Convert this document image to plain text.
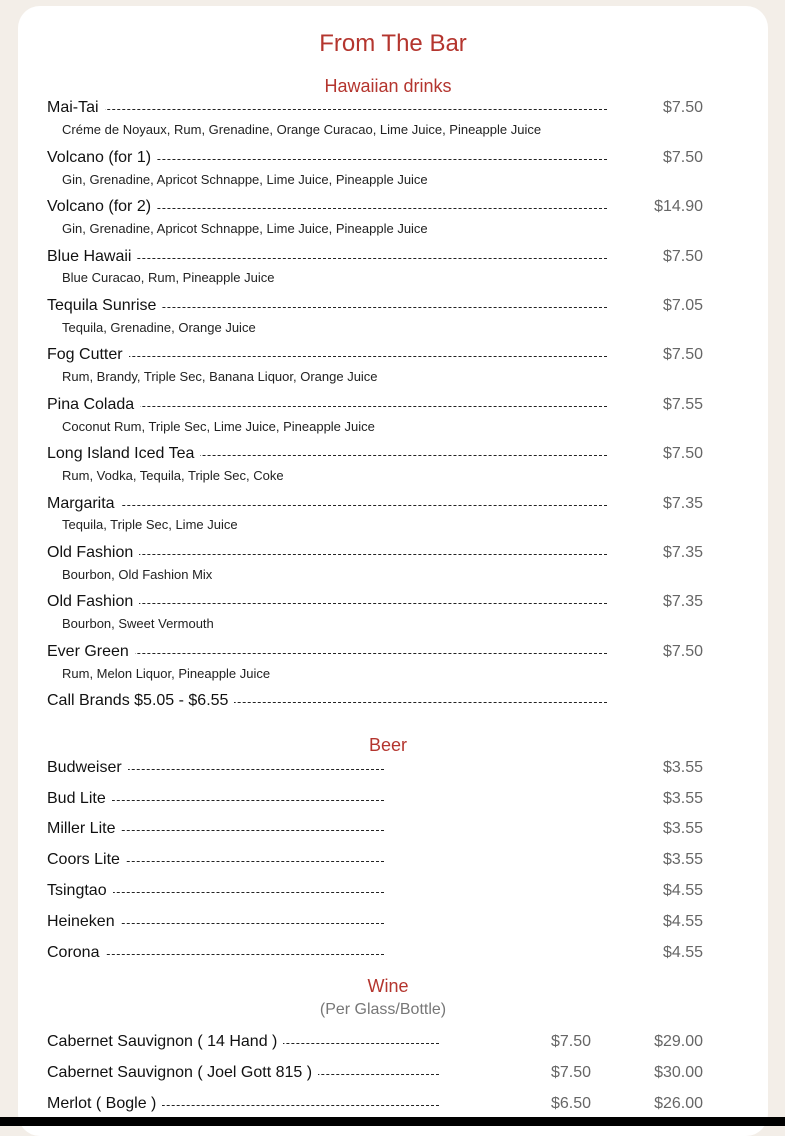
From The Bar
Hawaiian drinks
Mai-Tai	$7.50
Créme de Noyaux, Rum, Grenadine, Orange Curacao, Lime Juice, Pineapple Juice
Volcano (for 1)	$7.50
Gin, Grenadine, Apricot Schnappe, Lime Juice, Pineapple Juice
Volcano (for 2)	$14.90
Gin, Grenadine, Apricot Schnappe, Lime Juice, Pineapple Juice
Blue Hawaii	$7.50
Blue Curacao, Rum, Pineapple Juice
Tequila Sunrise	$7.05
Tequila, Grenadine, Orange Juice
Fog Cutter	$7.50
Rum, Brandy, Triple Sec, Banana Liquor, Orange Juice
Pina Colada	$7.55
Coconut Rum, Triple Sec, Lime Juice, Pineapple Juice
Long Island Iced Tea	$7.50
Rum, Vodka, Tequila, Triple Sec, Coke
Margarita	$7.35
Tequila, Triple Sec, Lime Juice
Old Fashion	$7.35
Bourbon, Old Fashion Mix
Old Fashion	$7.35
Bourbon, Sweet Vermouth
Ever Green	$7.50
Rum, Melon Liquor, Pineapple Juice
Call Brands $5.05 - $6.55
Beer
Budweiser	$3.55
Bud Lite	$3.55
Miller Lite	$3.55
Coors Lite	$3.55
Tsingtao	$4.55
Heineken	$4.55
Corona	$4.55
Wine
(Per Glass/Bottle)
Cabernet Sauvignon ( 14 Hand )	$7.50	$29.00
Cabernet Sauvignon ( Joel Gott 815 )	$7.50	$30.00
Merlot ( Bogle )	$6.50	$26.00
